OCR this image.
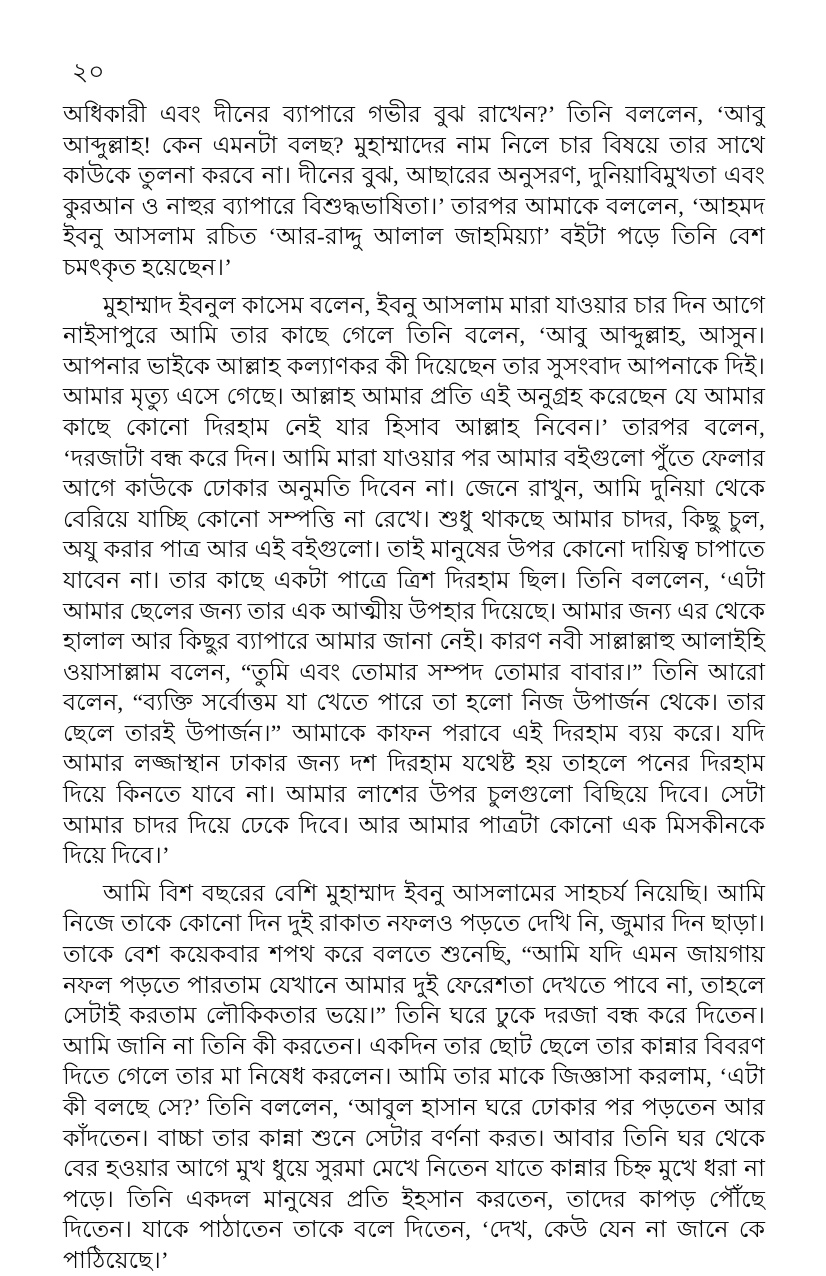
২০

অধিকারী এবং দীনের ব্যাপারে গভীর বুঝ রাখেন?’ তিনি বললেন, ‘আবু আব্দুল্লাহ! কেন এমনটা বলছ? মুহাম্মাদের নাম নিলে চার বিষয়ে তার সাথে কাউকে তুলনা করবে না। দীনের বুঝ, আছারের অনুসরণ, দুনিয়াবিমুখতা এবং কুরআন ও নাহুর ব্যাপারে বিশুদ্ধভাষিতা।’ তারপর আমাকে বললেন, ‘আহমদ ইবনু আসলাম রচিত ‘আর-রাদ্দু আলাল জাহমিয়্যা’ বইটা পড়ে তিনি বেশ চমৎকৃত হয়েছেন।’

মুহাম্মাদ ইবনুল কাসেম বলেন, ইবনু আসলাম মারা যাওয়ার চার দিন আগে নাইসাপুরে আমি তার কাছে গেলে তিনি বলেন, ‘আবু আব্দুল্লাহ, আসুন। আপনার ভাইকে আল্লাহ কল্যাণকর কী দিয়েছেন তার সুসংবাদ আপনাকে দিই। আমার মৃত্যু এসে গেছে। আল্লাহ আমার প্রতি এই অনুগ্রহ করেছেন যে আমার কাছে কোনো দিরহাম নেই যার হিসাব আল্লাহ নিবেন।’ তারপর বলেন, ‘দরজাটা বন্ধ করে দিন। আমি মারা যাওয়ার পর আমার বইগুলো পুঁতে ফেলার আগে কাউকে ঢোকার অনুমতি দিবেন না। জেনে রাখুন, আমি দুনিয়া থেকে বেরিয়ে যাচ্ছি কোনো সম্পত্তি না রেখে। শুধু থাকছে আমার চাদর, কিছু চুল, অযু করার পাত্র আর এই বইগুলো। তাই মানুষের উপর কোনো দায়িত্ব চাপাতে যাবেন না। তার কাছে একটা পাত্রে ত্রিশ দিরহাম ছিল। তিনি বললেন, ‘এটা আমার ছেলের জন্য তার এক আত্মীয় উপহার দিয়েছে। আমার জন্য এর থেকে হালাল আর কিছুর ব্যাপারে আমার জানা নেই। কারণ নবী সাল্লাল্লাহু আলাইহি ওয়াসাল্লাম বলেন, “তুমি এবং তোমার সম্পদ তোমার বাবার।” তিনি আরো বলেন, “ব্যক্তি সর্বোত্তম যা খেতে পারে তা হলো নিজ উপার্জন থেকে। তার ছেলে তারই উপার্জন।” আমাকে কাফন পরাবে এই দিরহাম ব্যয় করে। যদি আমার লজ্জাস্থান ঢাকার জন্য দশ দিরহাম যথেষ্ট হয় তাহলে পনের দিরহাম দিয়ে কিনতে যাবে না। আমার লাশের উপর চুলগুলো বিছিয়ে দিবে। সেটা আমার চাদর দিয়ে ঢেকে দিবে। আর আমার পাত্রটা কোনো এক মিসকীনকে দিয়ে দিবে।’

আমি বিশ বছরের বেশি মুহাম্মাদ ইবনু আসলামের সাহচর্য নিয়েছি। আমি নিজে তাকে কোনো দিন দুই রাকাত নফলও পড়তে দেখি নি, জুমার দিন ছাড়া। তাকে বেশ কয়েকবার শপথ করে বলতে শুনেছি, “আমি যদি এমন জায়গায় নফল পড়তে পারতাম যেখানে আমার দুই ফেরেশতা দেখতে পাবে না, তাহলে সেটাই করতাম লৌকিকতার ভয়ে।” তিনি ঘরে ঢুকে দরজা বন্ধ করে দিতেন। আমি জানি না তিনি কী করতেন। একদিন তার ছোট ছেলে তার কান্নার বিবরণ দিতে গেলে তার মা নিষেধ করলেন। আমি তার মাকে জিজ্ঞাসা করলাম, ‘এটা কী বলছে সে?’ তিনি বললেন, ‘আবুল হাসান ঘরে ঢোকার পর পড়তেন আর কাঁদতেন। বাচ্চা তার কান্না শুনে সেটার বর্ণনা করত। আবার তিনি ঘর থেকে বের হওয়ার আগে মুখ ধুয়ে সুরমা মেখে নিতেন যাতে কান্নার চিহ্ন মুখে ধরা না পড়ে। তিনি একদল মানুষের প্রতি ইহসান করতেন, তাদের কাপড় পৌঁছে দিতেন। যাকে পাঠাতেন তাকে বলে দিতেন, ‘দেখ, কেউ যেন না জানে কে পাঠিয়েছে।’
